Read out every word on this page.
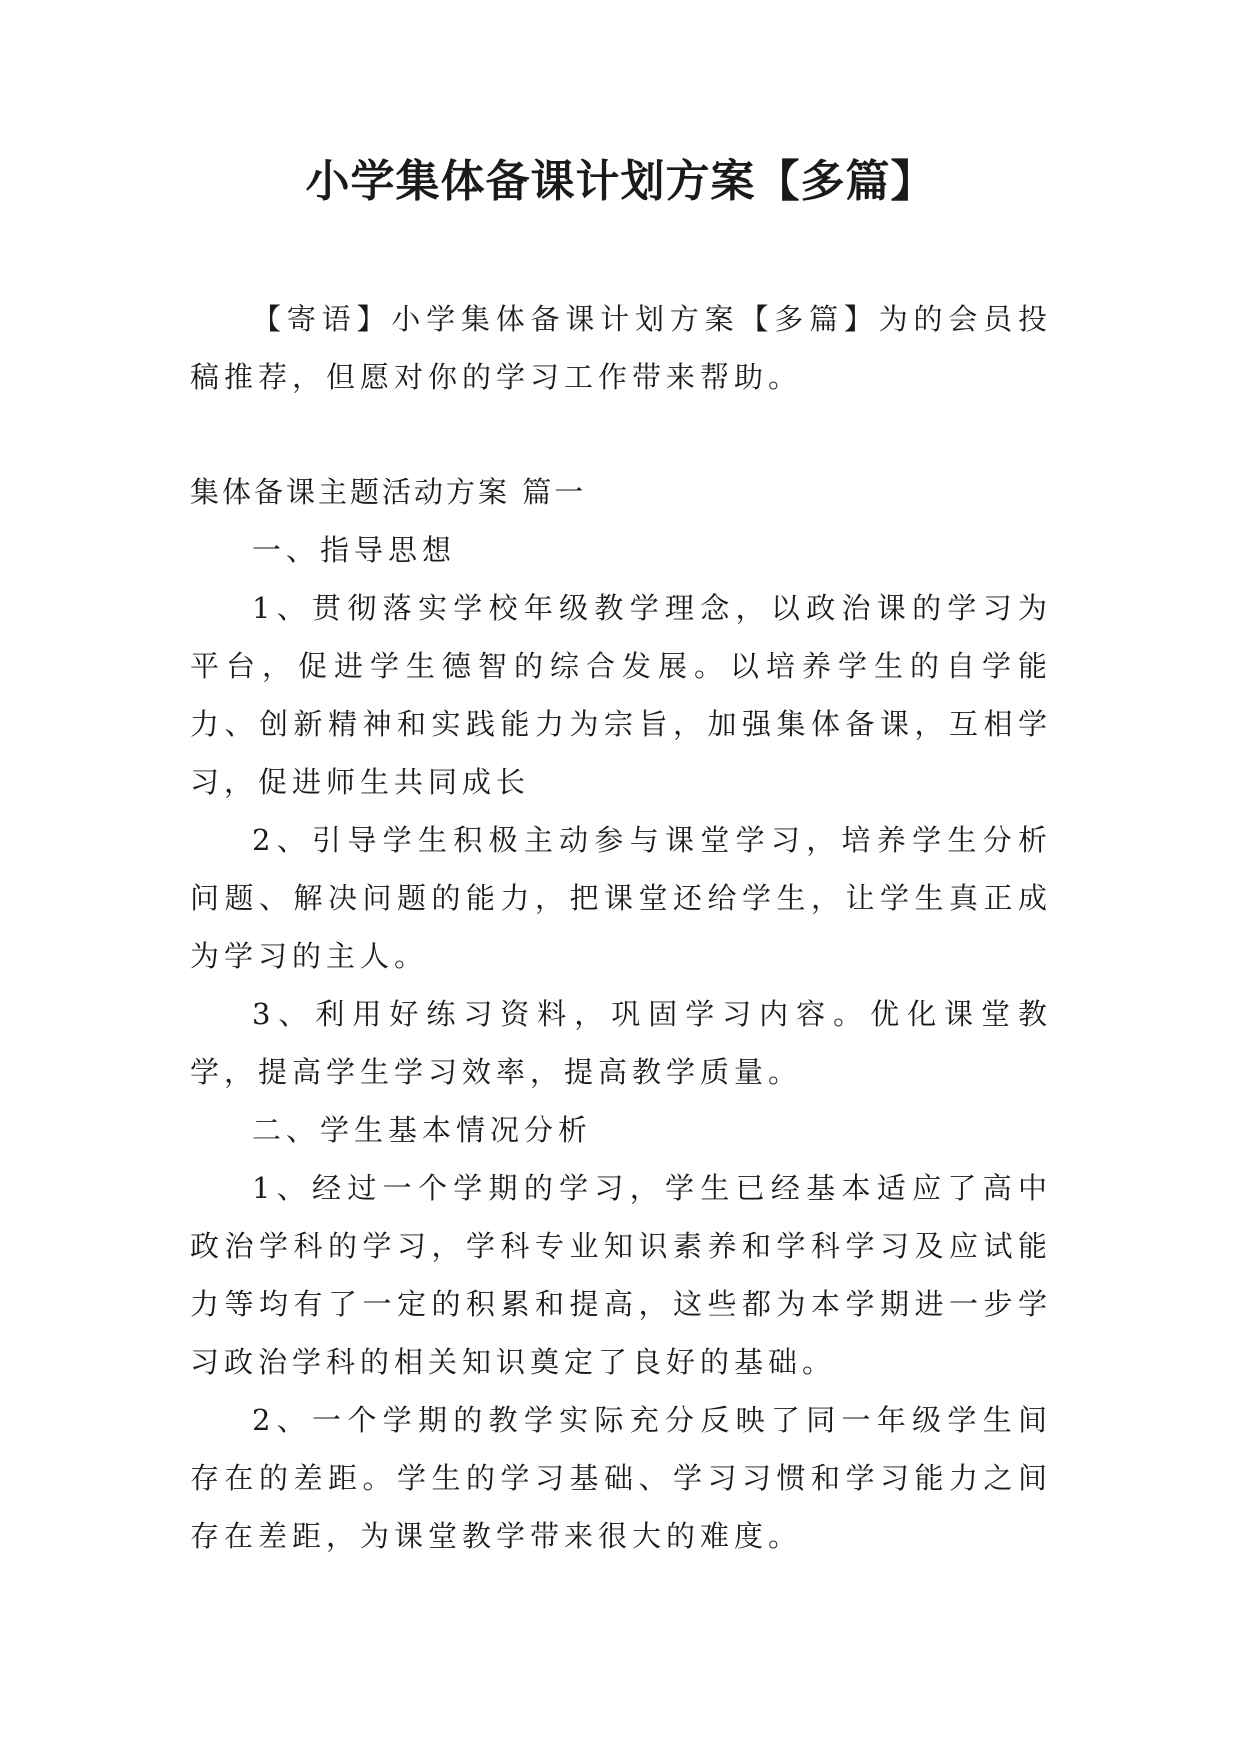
小学集体备课计划方案【多篇】

【寄语】小学集体备课计划方案【多篇】为的会员投稿推荐，但愿对你的学习工作带来帮助。

集体备课主题活动方案 篇一

一、指导思想

1、贯彻落实学校年级教学理念，以政治课的学习为平台，促进学生德智的综合发展。以培养学生的自学能力、创新精神和实践能力为宗旨，加强集体备课，互相学习，促进师生共同成长

2、引导学生积极主动参与课堂学习，培养学生分析问题、解决问题的能力，把课堂还给学生，让学生真正成为学习的主人。

3、利用好练习资料，巩固学习内容。优化课堂教学，提高学生学习效率，提高教学质量。

二、学生基本情况分析

1、经过一个学期的学习，学生已经基本适应了高中政治学科的学习，学科专业知识素养和学科学习及应试能力等均有了一定的积累和提高，这些都为本学期进一步学习政治学科的相关知识奠定了良好的基础。

2、一个学期的教学实际充分反映了同一年级学生间存在的差距。学生的学习基础、学习习惯和学习能力之间存在差距，为课堂教学带来很大的难度。
